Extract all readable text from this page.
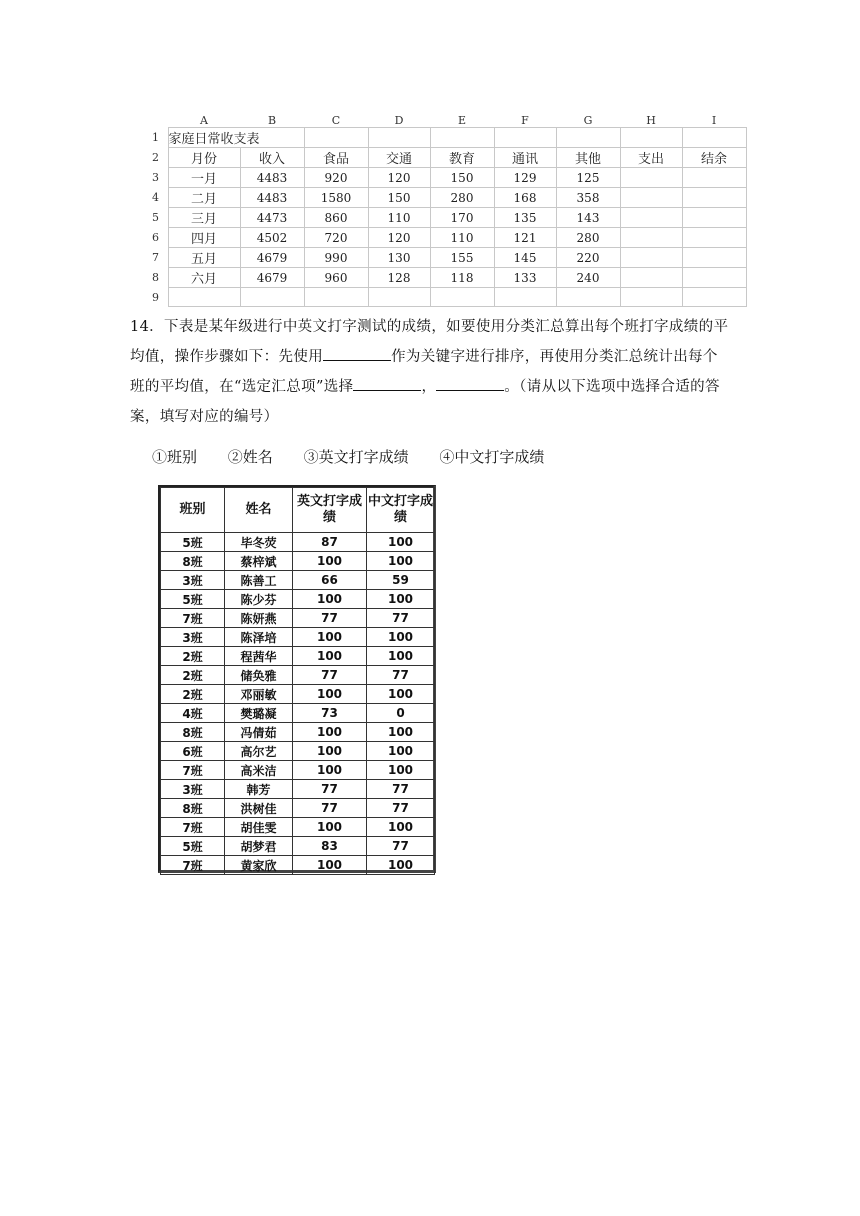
	A	B	C	D	E	F	G	H	I
1	家庭日常收支表								
2	月份	收入	食品	交通	教育	通讯	其他	支出	结余
3	一月	4483	920	120	150	129	125		
4	二月	4483	1580	150	280	168	358		
5	三月	4473	860	110	170	135	143		
6	四月	4502	720	120	110	121	280		
7	五月	4679	990	130	155	145	220		
8	六月	4679	960	128	118	133	240		
9									
14．下表是某年级进行中英文打字测试的成绩，如要使用分类汇总算出每个班打字成绩的平均值，操作步骤如下：先使用	作为关键字进行排序，再使用分类汇总统计出每个班的平均值，在“选定汇总项”选择	，	。（请从以下选项中选择合适的答案，填写对应的编号）
①班别 ②姓名 ③英文打字成绩 ④中文打字成绩
班别	姓名	英文打字成绩	中文打字成绩
5班	毕冬荧	87	100
8班	蔡梓斌	100	100
3班	陈善工	66	59
5班	陈少芬	100	100
7班	陈妍燕	77	77
3班	陈泽培	100	100
2班	程茜华	100	100
2班	储奂雅	77	77
2班	邓丽敏	100	100
4班	樊璐凝	73	0
8班	冯倩茹	100	100
6班	高尔艺	100	100
7班	高米洁	100	100
3班	韩芳	77	77
8班	洪树佳	77	77
7班	胡佳雯	100	100
5班	胡梦君	83	77
7班	黄家欣	100	100
